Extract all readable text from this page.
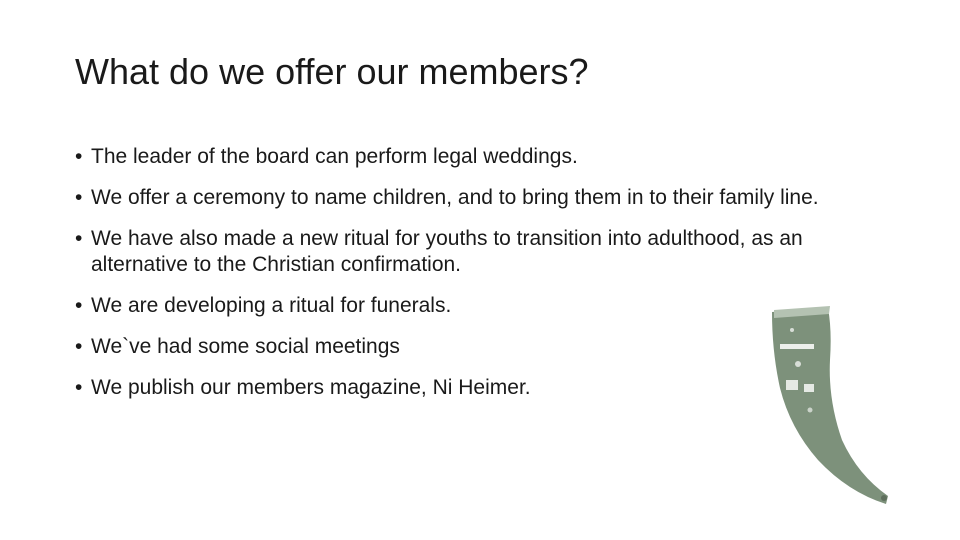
What do we offer our members?
• The leader of the board can perform legal weddings.
• We offer a ceremony to name children, and to bring them in to their family line.
• We have also made a new ritual for youths to transition into adulthood, as an alternative to the Christian confirmation.
• We are developing a ritual for funerals.
• We`ve had some social meetings
• We publish our members magazine, Ni Heimer.
